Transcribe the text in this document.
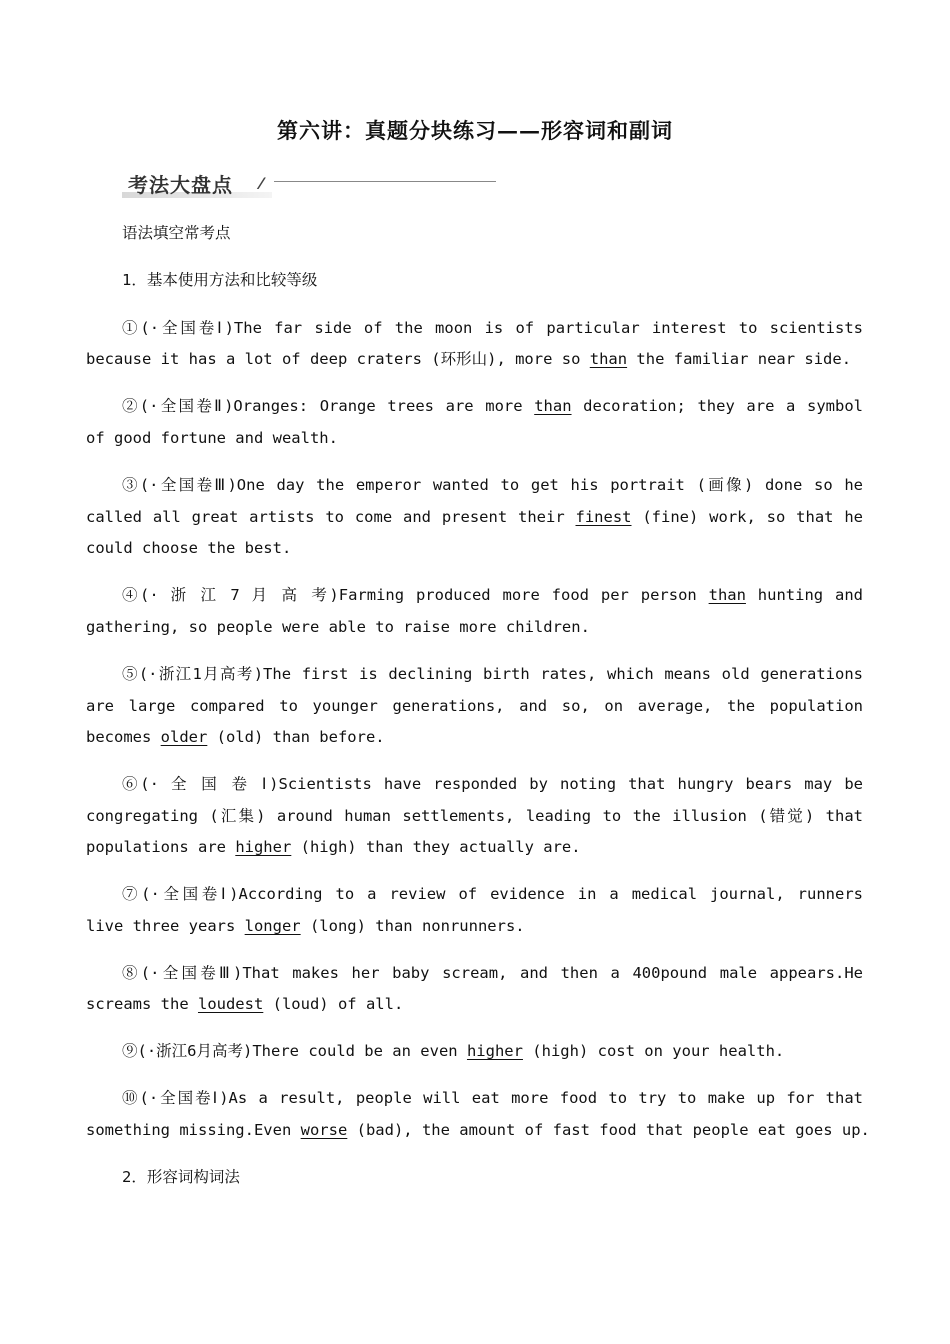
第六讲：真题分块练习——形容词和副词
考法大盘点 ⁄
语法填空常考点
1．基本使用方法和比较等级
①(·全国卷Ⅰ)The far side of the moon is of particular interest to scientists
because it has a lot of deep craters (环形山), more so than the familiar near side.
②(·全国卷Ⅱ)Oranges: Orange trees are more than decoration; they are a symbol
of good fortune and wealth.
③(·全国卷Ⅲ)One day the emperor wanted to get his portrait (画像) done so he
called all great artists to come and present their finest (fine) work, so that he
could choose the best.
④(· 浙 江 7 月 高 考)Farming produced more food per person than hunting and
gathering, so people were able to raise more children.
⑤(·浙江1月高考)The first is declining birth rates, which means old generations
are large compared to younger generations, and so, on average, the population
becomes older (old) than before.
⑥(· 全 国 卷 Ⅰ)Scientists have responded by noting that hungry bears may be
congregating (汇集) around human settlements, leading to the illusion (错觉) that
populations are higher (high) than they actually are.
⑦(·全国卷Ⅰ)According to a review of evidence in a medical journal, runners
live three years longer (long) than nonrunners.
⑧(·全国卷Ⅲ)That makes her baby scream, and then a 400pound male appears.He
screams the loudest (loud) of all.
⑨(·浙江6月高考)There could be an even higher (high) cost on your health.
⑩(·全国卷Ⅰ)As a result, people will eat more food to try to make up for that
something missing.Even worse (bad), the amount of fast food that people eat goes up.
2．形容词构词法
